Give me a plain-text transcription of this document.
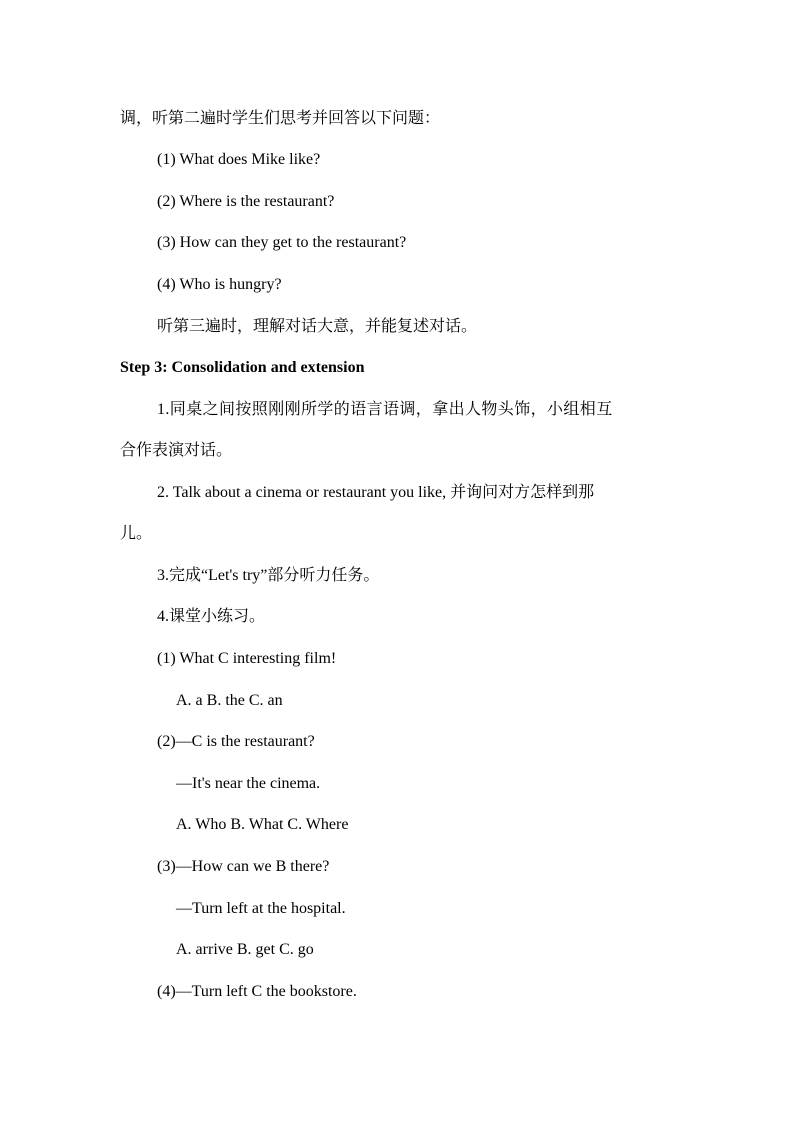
调，听第二遍时学生们思考并回答以下问题：
(1) What does Mike like?
(2) Where is the restaurant?
(3) How can they get to the restaurant?
(4) Who is hungry?
听第三遍时，理解对话大意，并能复述对话。
Step 3: Consolidation and extension
1.同桌之间按照刚刚所学的语言语调，拿出人物头饰，小组相互
合作表演对话。
2. Talk about a cinema or restaurant you like, 并询问对方怎样到那
儿。
3.完成“Let's try”部分听力任务。
4.课堂小练习。
(1) What C interesting film!
A. a B. the C. an
(2)—C is the restaurant?
—It's near the cinema.
A. Who B. What C. Where
(3)—How can we B there?
—Turn left at the hospital.
A. arrive B. get C. go
(4)—Turn left C the bookstore.
